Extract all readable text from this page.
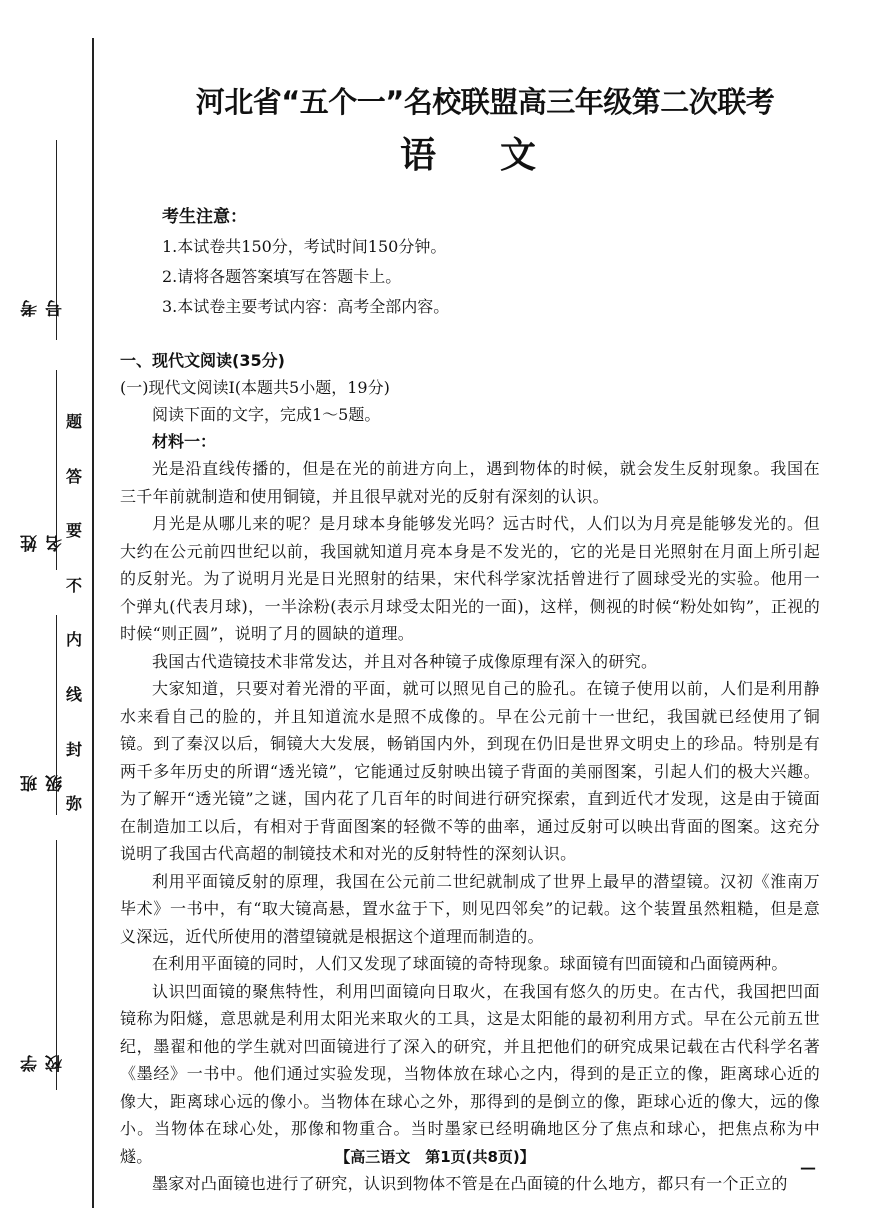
考号
姓名
班级
学校
题
答
要
不
内
线
封
弥
河北省“五个一”名校联盟高三年级第二次联考
语文
考生注意：
1.本试卷共150分，考试时间150分钟。
2.请将各题答案填写在答题卡上。
3.本试卷主要考试内容：高考全部内容。
一、现代文阅读(35分)
(一)现代文阅读Ⅰ(本题共5小题，19分)
阅读下面的文字，完成1～5题。
材料一：

光是沿直线传播的，但是在光的前进方向上，遇到物体的时候，就会发生反射现象。我国在三千年前就制造和使用铜镜，并且很早就对光的反射有深刻的认识。

月光是从哪儿来的呢？是月球本身能够发光吗？远古时代，人们以为月亮是能够发光的。但大约在公元前四世纪以前，我国就知道月亮本身是不发光的，它的光是日光照射在月面上所引起的反射光。为了说明月光是日光照射的结果，宋代科学家沈括曾进行了圆球受光的实验。他用一个弹丸(代表月球)，一半涂粉(表示月球受太阳光的一面)，这样，侧视的时候“粉处如钩”，正视的时候“则正圆”，说明了月的圆缺的道理。

我国古代造镜技术非常发达，并且对各种镜子成像原理有深入的研究。

大家知道，只要对着光滑的平面，就可以照见自己的脸孔。在镜子使用以前，人们是利用静水来看自己的脸的，并且知道流水是照不成像的。早在公元前十一世纪，我国就已经使用了铜镜。到了秦汉以后，铜镜大大发展，畅销国内外，到现在仍旧是世界文明史上的珍品。特别是有两千多年历史的所谓“透光镜”，它能通过反射映出镜子背面的美丽图案，引起人们的极大兴趣。为了解开“透光镜”之谜，国内花了几百年的时间进行研究探索，直到近代才发现，这是由于镜面在制造加工以后，有相对于背面图案的轻微不等的曲率，通过反射可以映出背面的图案。这充分说明了我国古代高超的制镜技术和对光的反射特性的深刻认识。

利用平面镜反射的原理，我国在公元前二世纪就制成了世界上最早的潜望镜。汉初《淮南万毕术》一书中，有“取大镜高悬，置水盆于下，则见四邻矣”的记载。这个装置虽然粗糙，但是意义深远，近代所使用的潜望镜就是根据这个道理而制造的。

在利用平面镜的同时，人们又发现了球面镜的奇特现象。球面镜有凹面镜和凸面镜两种。

认识凹面镜的聚焦特性，利用凹面镜向日取火，在我国有悠久的历史。在古代，我国把凹面镜称为阳燧，意思就是利用太阳光来取火的工具，这是太阳能的最初利用方式。早在公元前五世纪，墨翟和他的学生就对凹面镜进行了深入的研究，并且把他们的研究成果记载在古代科学名著《墨经》一书中。他们通过实验发现，当物体放在球心之内，得到的是正立的像，距离球心近的像大，距离球心远的像小。当物体在球心之外，那得到的是倒立的像，距球心近的像大，远的像小。当物体在球心处，那像和物重合。当时墨家已经明确地区分了焦点和球心，把焦点称为中燧。

墨家对凸面镜也进行了研究，认识到物体不管是在凸面镜的什么地方，都只有一个正立的

【高三语文　第1页(共8页)】
—
